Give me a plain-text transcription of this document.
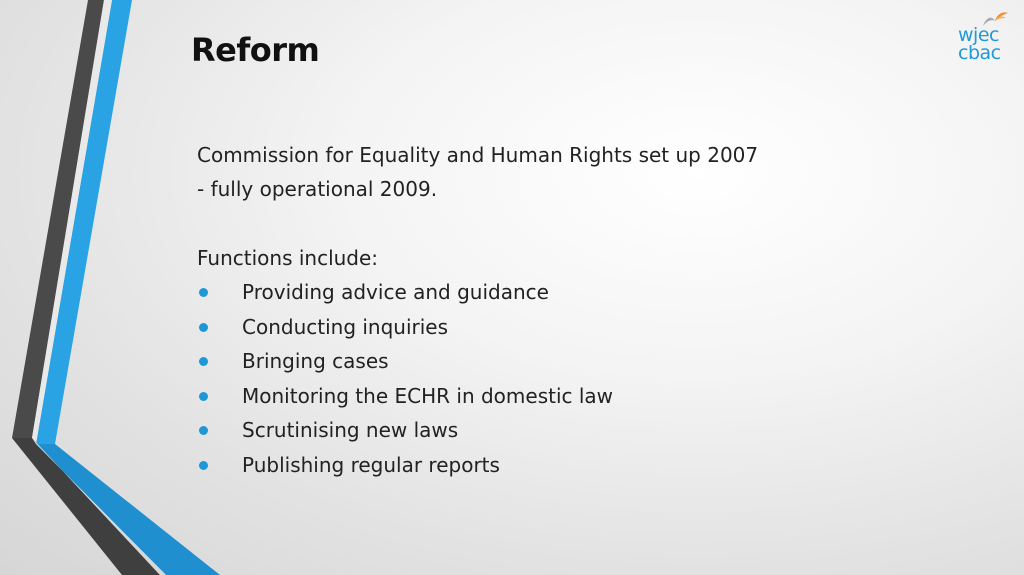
Reform	wjec
cbac

Commission for Equality and Human Rights set up 2007

- fully operational 2009.

Functions include:

Providing advice and guidance
Conducting inquiries
Bringing cases
Monitoring the ECHR in domestic law
Scrutinising new laws
Publishing regular reports
